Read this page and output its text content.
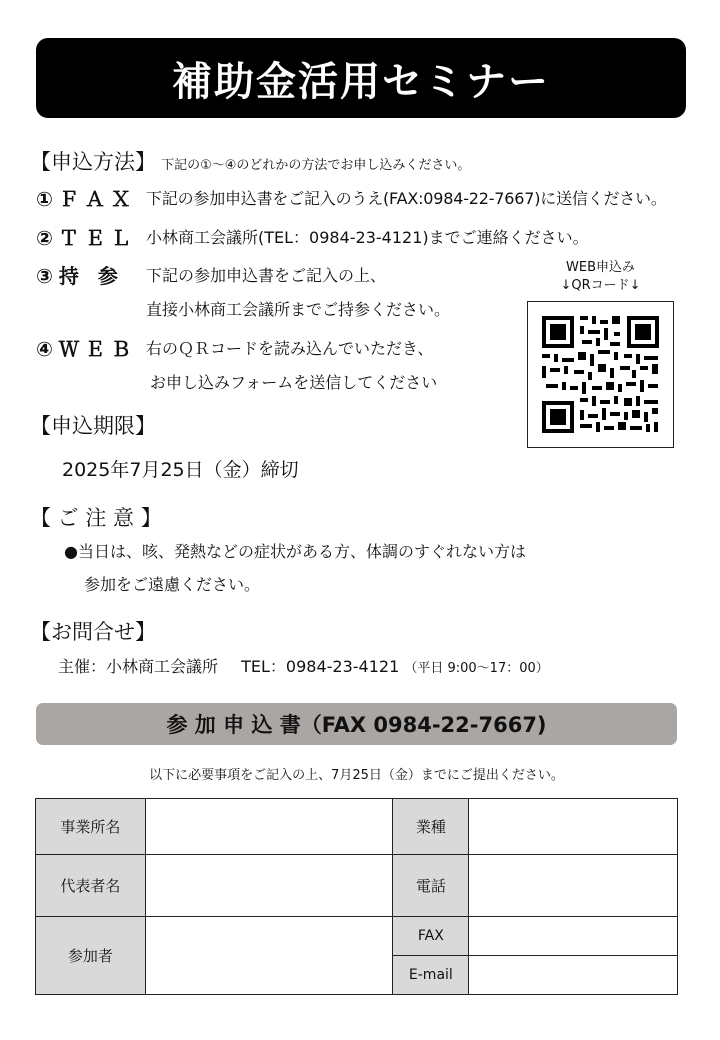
補助金活用セミナー
【申込方法】 下記の①～④のどれかの方法でお申し込みください。
①ＦＡＸ 下記の参加申込書をご記入のうえ(FAX:0984-22-7667)に送信ください。
②ＴＥＬ 小林商工会議所(TEL：0984-23-4121)までご連絡ください。
③持 参 下記の参加申込書をご記入の上、
直接小林商工会議所までご持参ください。
④ＷＥＢ 右のＱＲコードを読み込んでいただき、
お申し込みフォームを送信してください
WEB申込み
↓QRコード↓
【申込期限】
2025年7月25日（金）締切
【 ご 注 意 】
●当日は、咳、発熱などの症状がある方、体調のすぐれない方は
参加をご遠慮ください。
【お問合せ】
主催：小林商工会議所 TEL：0984-23-4121 （平日 9:00～17：00）
参 加 申 込 書（FAX 0984-22-7667)
以下に必要事項をご記入の上、7月25日（金）までにご提出ください。
事業所名		業種	
代表者名		電話	
参加者		FAX	
		E-mail	
